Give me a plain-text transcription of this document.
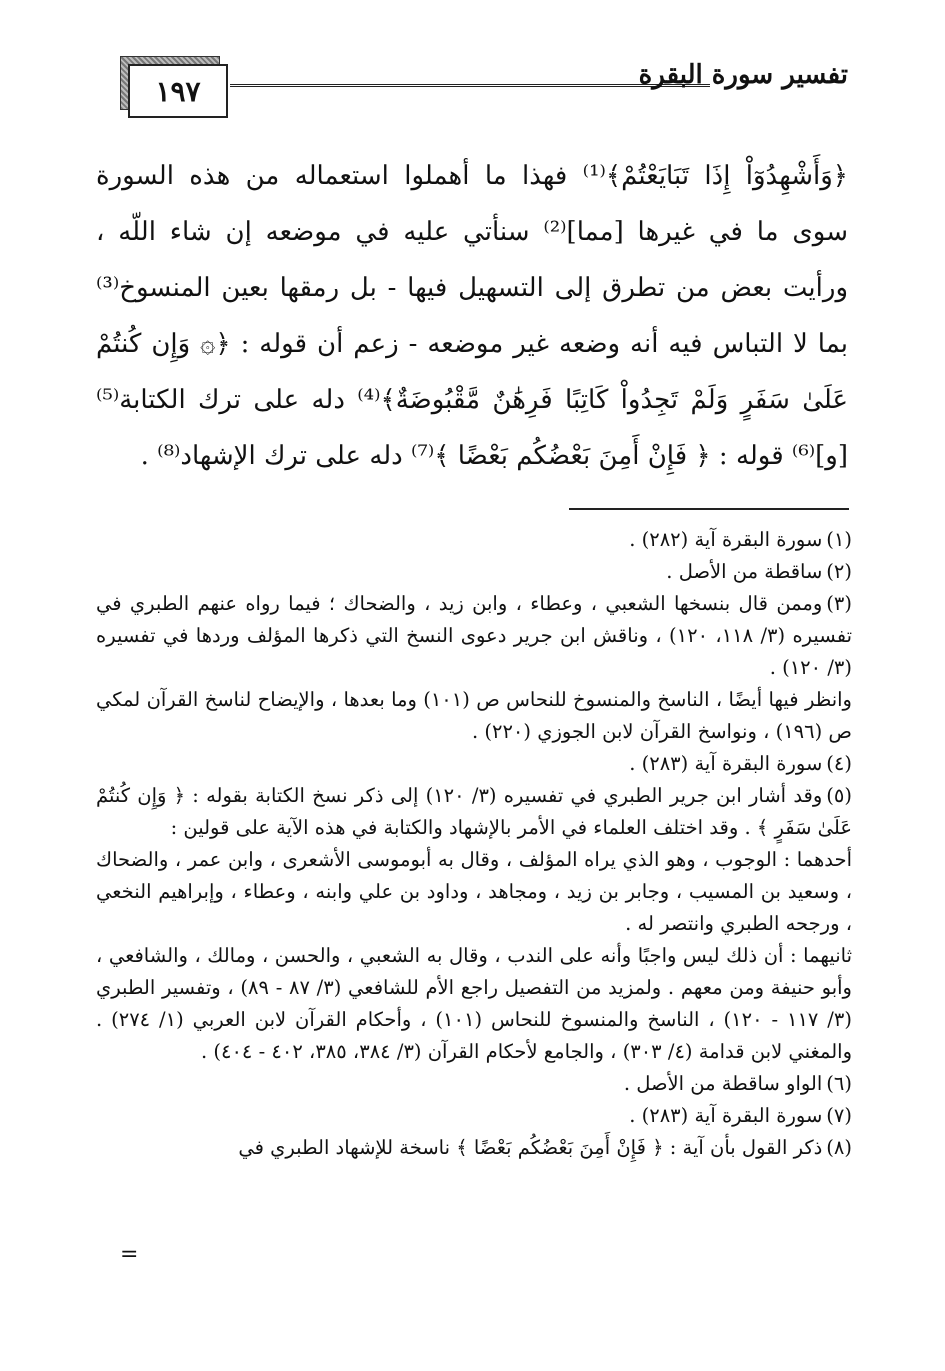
١٩٧	تفسير سورة البقرة

﴿وَأَشْهِدُوٓاْ إِذَا تَبَايَعْتُمْ﴾⁽¹⁾ فهذا ما أهملوا استعماله من هذه السورة سوى ما في غيرها [مما]⁽²⁾ سنأتي عليه في موضعه إن شاء اللّه ، ورأيت بعض من تطرق إلى التسهيل فيها - بل رمقها بعين المنسوخ⁽³⁾ بما لا التباس فيه أنه وضعه غير موضعه - زعم أن قوله : ﴿۞ وَإِن كُنتُمْ عَلَىٰ سَفَرٍ وَلَمْ تَجِدُواْ كَاتِبًا فَرِهَٰنٌ مَّقْبُوضَةٌ﴾⁽⁴⁾ دله على ترك الكتابة⁽⁵⁾ [و]⁽⁶⁾ قوله : ﴿ فَإِنْ أَمِنَ بَعْضُكُم بَعْضًا ﴾⁽⁷⁾ دله على ترك الإشهاد⁽⁸⁾ .

(١)سورة البقرة آية (٢٨٢) .

(٢)ساقطة من الأصل .

(٣)وممن قال بنسخها الشعبي ، وعطاء ، وابن زيد ، والضحاك ؛ فيما رواه عنهم الطبري في تفسيره (٣/ ١١٨، ١٢٠) ، وناقش ابن جرير دعوى النسخ التي ذكرها المؤلف وردها في تفسيره (٣/ ١٢٠) .

وانظر فيها أيضًا ، الناسخ والمنسوخ للنحاس ص (١٠١) وما بعدها ، والإيضاح لناسخ القرآن لمكي ص (١٩٦) ، ونواسخ القرآن لابن الجوزي (٢٢٠) .

(٤)سورة البقرة آية (٢٨٣) .

(٥)وقد أشار ابن جرير الطبري في تفسيره (٣/ ١٢٠) إلى ذكر نسخ الكتابة بقوله : ﴿ وَإِن كُنتُمْ عَلَىٰ سَفَرٍ ﴾ . وقد اختلف العلماء في الأمر بالإشهاد والكتابة في هذه الآية على قولين :

أحدهما : الوجوب ، وهو الذي يراه المؤلف ، وقال به أبوموسى الأشعرى ، وابن عمر ، والضحاك ، وسعيد بن المسيب ، وجابر بن زيد ، ومجاهد ، وداود بن علي وابنه ، وعطاء ، وإبراهيم النخعي ، ورجحه الطبري وانتصر له .

ثانيهما : أن ذلك ليس واجبًا وأنه على الندب ، وقال به الشعبي ، والحسن ، ومالك ، والشافعي ، وأبو حنيفة ومن معهم . ولمزيد من التفصيل راجع الأم للشافعي (٣/ ٨٧ - ٨٩) ، وتفسير الطبري (٣/ ١١٧ - ١٢٠) ، الناسخ والمنسوخ للنحاس (١٠١) ، وأحكام القرآن لابن العربي (١/ ٢٧٤) . والمغني لابن قدامة (٤/ ٣٠٣) ، والجامع لأحكام القرآن (٣/ ٣٨٤، ٣٨٥، ٤٠٢ - ٤٠٤) .

(٦)الواو ساقطة من الأصل .

(٧)سورة البقرة آية (٢٨٣) .

(٨)ذكر القول بأن آية : ﴿ فَإِنْ أَمِنَ بَعْضُكُم بَعْضًا ﴾ ناسخة للإشهاد الطبري في

=
